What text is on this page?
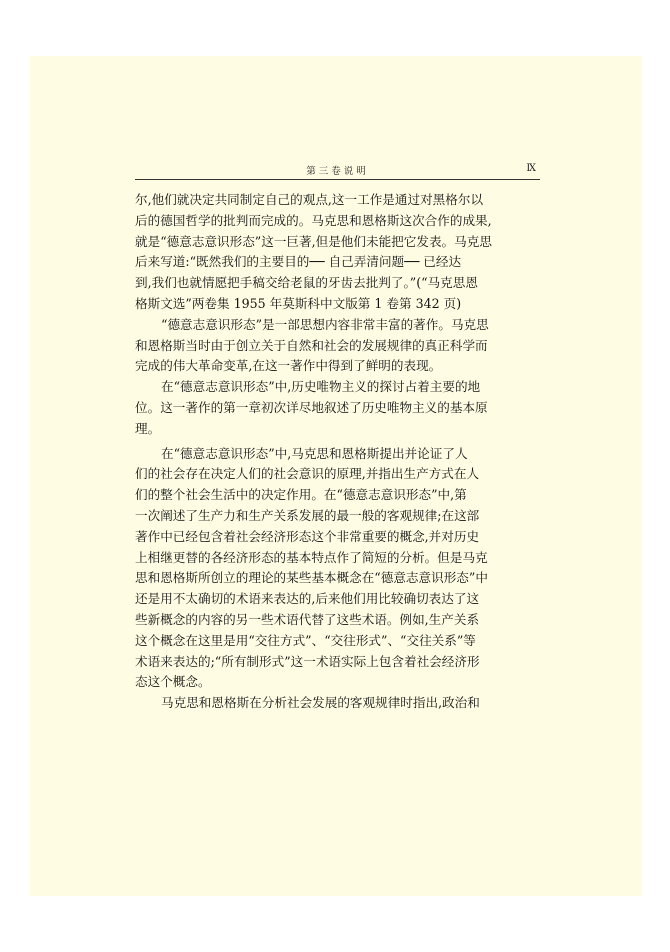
第三卷说明	Ⅸ
尔,他们就决定共同制定自己的观点,这一工作是通过对黑格尔以
后的德国哲学的批判而完成的。马克思和恩格斯这次合作的成果,
就是“德意志意识形态”这一巨著,但是他们未能把它发表。马克思
后来写道:“既然我们的主要目的── 自己弄清问题── 已经达
到,我们也就情愿把手稿交给老鼠的牙齿去批判了。”(“马克思恩
格斯文选”两卷集 1955 年莫斯科中文版第 1 卷第 342 页)
“德意志意识形态”是一部思想内容非常丰富的著作。马克思
和恩格斯当时由于创立关于自然和社会的发展规律的真正科学而
完成的伟大革命变革,在这一著作中得到了鲜明的表现。
在“德意志意识形态”中,历史唯物主义的探讨占着主要的地
位。这一著作的第一章初次详尽地叙述了历史唯物主义的基本原
理。
在“德意志意识形态”中,马克思和恩格斯提出并论证了人
们的社会存在决定人们的社会意识的原理,并指出生产方式在人
们的整个社会生活中的决定作用。在“德意志意识形态”中,第
一次阐述了生产力和生产关系发展的最一般的客观规律;在这部
著作中已经包含着社会经济形态这个非常重要的概念,并对历史
上相继更替的各经济形态的基本特点作了简短的分析。但是马克
思和恩格斯所创立的理论的某些基本概念在“德意志意识形态”中
还是用不太确切的术语来表达的,后来他们用比较确切表达了这
些新概念的内容的另一些术语代替了这些术语。例如,生产关系
这个概念在这里是用“交往方式”、“交往形式”、“交往关系”等
术语来表达的;“所有制形式”这一术语实际上包含着社会经济形
态这个概念。
马克思和恩格斯在分析社会发展的客观规律时指出,政治和
